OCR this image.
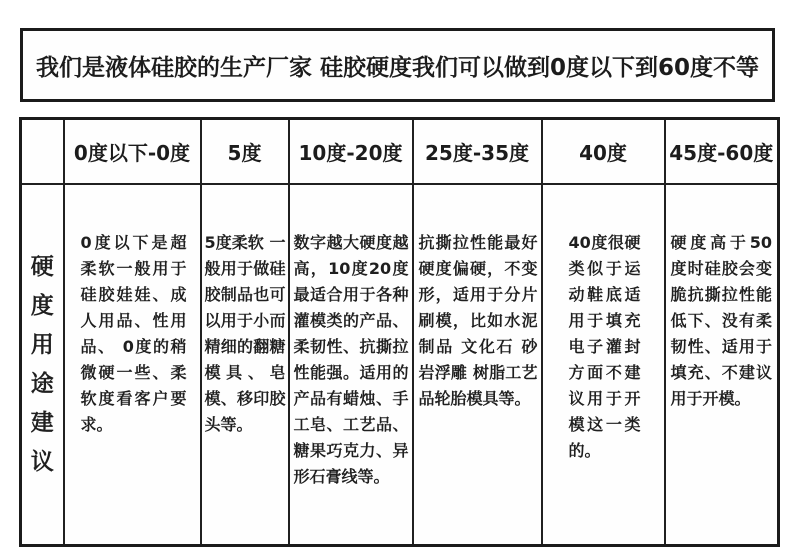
我们是液体硅胶的生产厂家 硅胶硬度我们可以做到0度以下到60度不等
	0度以下-0度	5度	10度-20度	25度-35度	40度	45度-60度
硬度用途建议	0度以下是超柔软一般用于硅胶娃娃、成人用品、性用品、 0度的稍微硬一些、柔软度看客户要求。	5度柔软 一般用于做硅胶制品也可以用于小而精细的翻糖模具、皂模、移印胶头等。	数字越大硬度越高，10度20度最适合用于各种灌模类的产品、柔韧性、抗撕拉性能强。适用的产品有蜡烛、手工皂、工艺品、糖果巧克力、异形石膏线等。	抗撕拉性能最好硬度偏硬，不变形，适用于分片刷模，比如水泥制品 文化石 砂岩浮雕 树脂工艺品轮胎模具等。	40度很硬类似于运动鞋底适用于填充电子灌封方面不建议用于开模这一类的。	硬度高于50度时硅胶会变脆抗撕拉性能低下、没有柔韧性、适用于填充、不建议用于开模。
